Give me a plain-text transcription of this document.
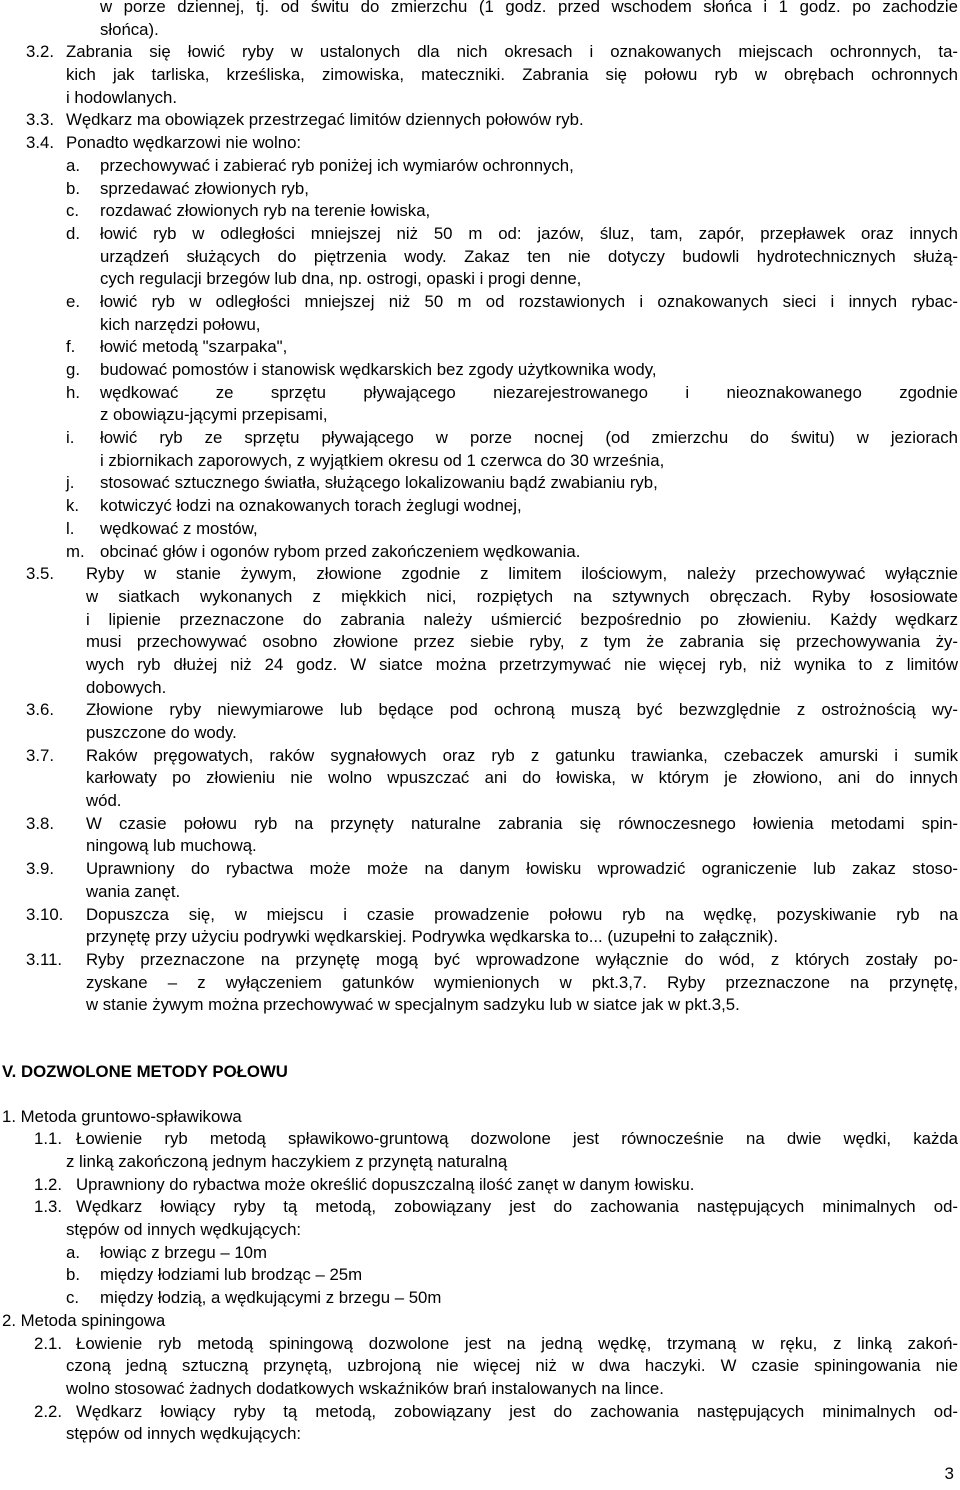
w porze dziennej, tj. od świtu do zmierzchu (1 godz. przed wschodem słońca i 1 godz. po zachodzie
słońca).
3.2. Zabrania się łowić ryby w ustalonych dla nich okresach i oznakowanych miejscach ochronnych, ta-
kich jak tarliska, krześliska, zimowiska, mateczniki. Zabrania się połowu ryb w obrębach ochronnych
i hodowlanych.
3.3. Wędkarz ma obowiązek przestrzegać limitów dziennych połowów ryb.
3.4. Ponadto wędkarzowi nie wolno:
a. przechowywać i zabierać ryb poniżej ich wymiarów ochronnych,
b. sprzedawać złowionych ryb,
c. rozdawać złowionych ryb na terenie łowiska,
d. łowić ryb w odległości mniejszej niż 50 m od: jazów, śluz, tam, zapór, przepławek oraz innych
urządzeń służących do piętrzenia wody. Zakaz ten nie dotyczy budowli hydrotechnicznych służą-
cych regulacji brzegów lub dna, np. ostrogi, opaski i progi denne,
e. łowić ryb w odległości mniejszej niż 50 m od rozstawionych i oznakowanych sieci i innych rybac-
kich narzędzi połowu,
f. łowić metodą "szarpaka",
g. budować pomostów i stanowisk wędkarskich bez zgody użytkownika wody,
h. wędkować ze sprzętu pływającego niezarejestrowanego i nieoznakowanego zgodnie
z obowiązu-jącymi przepisami,
i. łowić ryb ze sprzętu pływającego w porze nocnej (od zmierzchu do świtu) w jeziorach
i zbiornikach zaporowych, z wyjątkiem okresu od 1 czerwca do 30 września,
j. stosować sztucznego światła, służącego lokalizowaniu bądź zwabianiu ryb,
k. kotwiczyć łodzi na oznakowanych torach żeglugi wodnej,
l. wędkować z mostów,
m. obcinać głów i ogonów rybom przed zakończeniem wędkowania.
3.5. Ryby w stanie żywym, złowione zgodnie z limitem ilościowym, należy przechowywać wyłącznie
w siatkach wykonanych z miękkich nici, rozpiętych na sztywnych obręczach. Ryby łososiowate
i lipienie przeznaczone do zabrania należy uśmiercić bezpośrednio po złowieniu. Każdy wędkarz
musi przechowywać osobno złowione przez siebie ryby, z tym że zabrania się przechowywania ży-
wych ryb dłużej niż 24 godz. W siatce można przetrzymywać nie więcej ryb, niż wynika to z limitów
dobowych.
3.6. Złowione ryby niewymiarowe lub będące pod ochroną muszą być bezwzględnie z ostrożnością wy-
puszczone do wody.
3.7. Raków pręgowatych, raków sygnałowych oraz ryb z gatunku trawianka, czebaczek amurski i sumik
karłowaty po złowieniu nie wolno wpuszczać ani do łowiska, w którym je złowiono, ani do innych
wód.
3.8. W czasie połowu ryb na przynęty naturalne zabrania się równoczesnego łowienia metodami spin-
ningową lub muchową.
3.9. Uprawniony do rybactwa może może na danym łowisku wprowadzić ograniczenie lub zakaz stoso-
wania zanęt.
3.10. Dopuszcza się, w miejscu i czasie prowadzenie połowu ryb na wędkę, pozyskiwanie ryb na
przynętę przy użyciu podrywki wędkarskiej. Podrywka wędkarska to... (uzupełni to załącznik).
3.11. Ryby przeznaczone na przynętę mogą być wprowadzone wyłącznie do wód, z których zostały po-
zyskane – z wyłączeniem gatunków wymienionych w pkt.3,7. Ryby przeznaczone na przynętę,
w stanie żywym można przechowywać w specjalnym sadzyku lub w siatce jak w pkt.3,5.
V. DOZWOLONE METODY POŁOWU
1. Metoda gruntowo-spławikowa
1.1. Łowienie ryb metodą spławikowo-gruntową dozwolone jest równocześnie na dwie wędki, każda
z linką zakończoną jednym haczykiem z przynętą naturalną
1.2. Uprawniony do rybactwa może określić dopuszczalną ilość zanęt w danym łowisku.
1.3. Wędkarz łowiący ryby tą metodą, zobowiązany jest do zachowania następujących minimalnych od-
stępów od innych wędkujących:
a. łowiąc z brzegu – 10m
b. między łodziami lub brodząc – 25m
c. między łodzią, a wędkującymi z brzegu – 50m
2. Metoda spiningowa
2.1. Łowienie ryb metodą spiningową dozwolone jest na jedną wędkę, trzymaną w ręku, z linką zakoń-
czoną jedną sztuczną przynętą, uzbrojoną nie więcej niż w dwa haczyki. W czasie spiningowania nie
wolno stosować żadnych dodatkowych wskaźników brań instalowanych na lince.
2.2. Wędkarz łowiący ryby tą metodą, zobowiązany jest do zachowania następujących minimalnych od-
stępów od innych wędkujących:
3
